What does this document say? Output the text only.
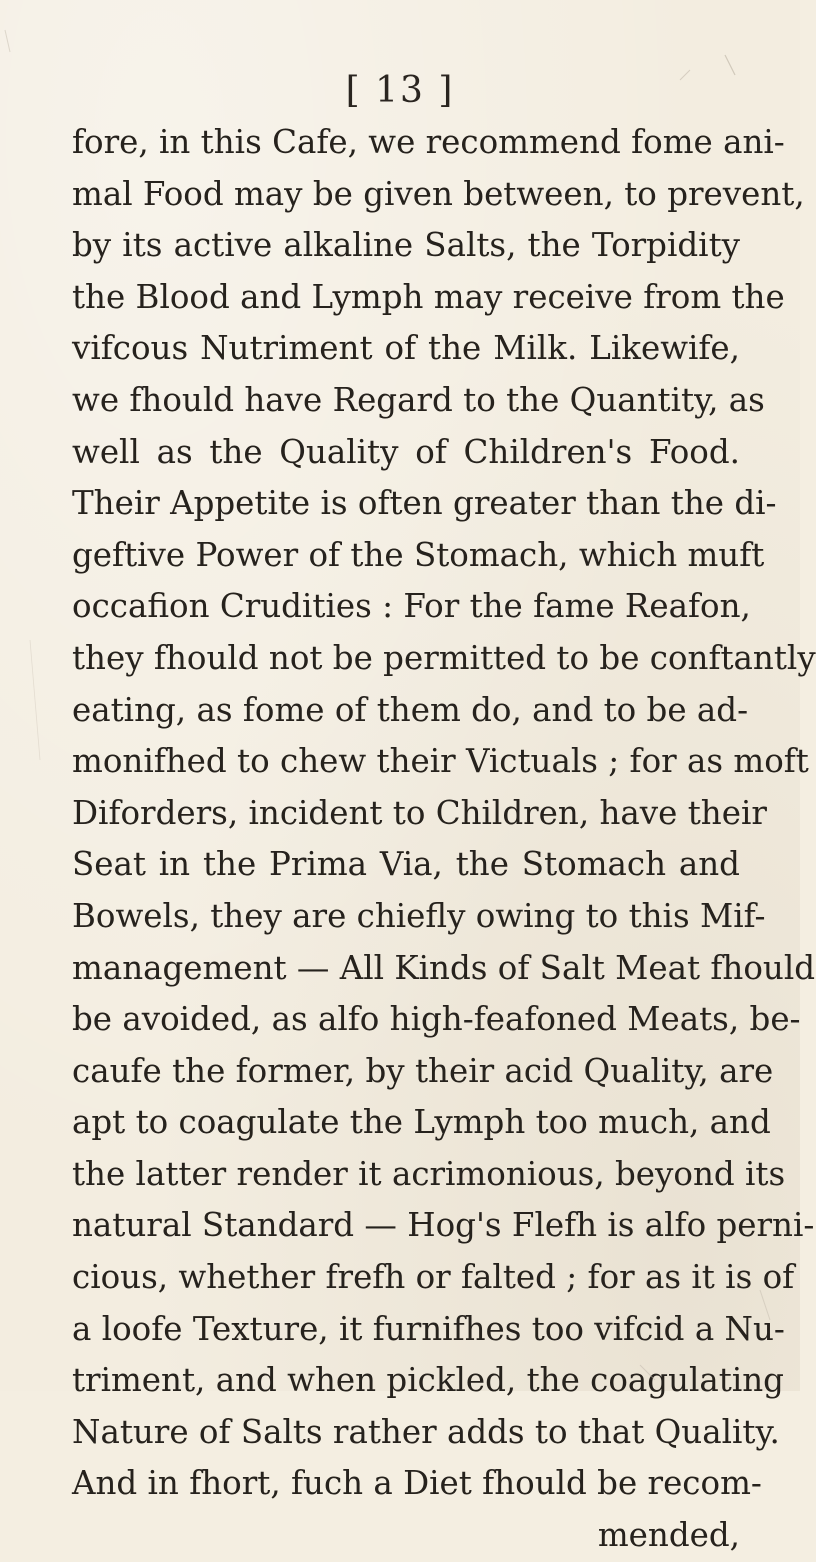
[ 13 ]
fore, in this Cafe, we recommend fome ani-
mal Food may be given between, to prevent,
by its active alkaline Salts, the Torpidity
the Blood and Lymph may receive from the
vifcous Nutriment of the Milk. Likewife,
we fhould have Regard to the Quantity, as
well as the Quality of Children's Food.
Their Appetite is often greater than the di-
geftive Power of the Stomach, which muft
occafion Crudities : For the fame Reafon,
they fhould not be permitted to be conftantly
eating, as fome of them do, and to be ad-
monifhed to chew their Victuals ; for as moft
Diforders, incident to Children, have their
Seat in the Prima Via, the Stomach and
Bowels, they are chiefly owing to this Mif-
management — All Kinds of Salt Meat fhould
be avoided, as alfo high-feafoned Meats, be-
caufe the former, by their acid Quality, are
apt to coagulate the Lymph too much, and
the latter render it acrimonious, beyond its
natural Standard — Hog's Flefh is alfo perni-
cious, whether frefh or falted ; for as it is of
a loofe Texture, it furnifhes too vifcid a Nu-
triment, and when pickled, the coagulating
Nature of Salts rather adds to that Quality.
And in fhort, fuch a Diet fhould be recom-
mended,
